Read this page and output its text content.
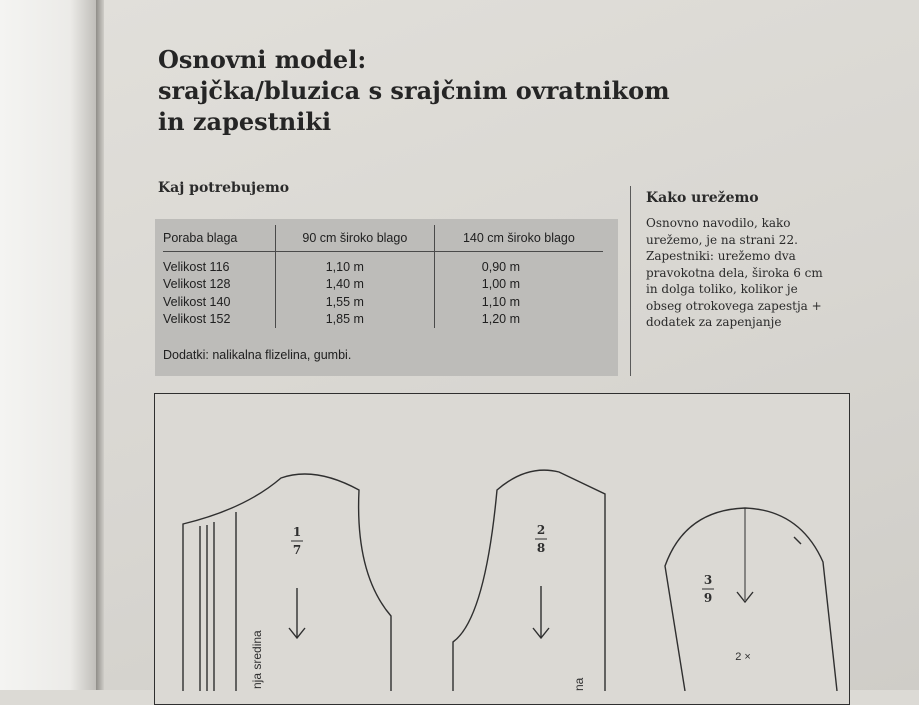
Osnovni model:
srajčka/bluzica s srajčnim ovratnikom
in zapestniki
Kaj potrebujemo
Poraba blaga	90 cm široko blago	140 cm široko blago
Velikost 116	1,10 m	0,90 m
Velikost 128	1,40 m	1,00 m
Velikost 140	1,55 m	1,10 m
Velikost 152	1,85 m	1,20 m
Dodatki: nalikalna flizelina, gumbi.
Kako urežemo

Osnovno navodilo, kako
urežemo, je na strani 22.
Zapestniki: urežemo dva
pravokotna dela, široka 6 cm
in dolga toliko, kolikor je
obseg otrokovega zapestja +
dodatek za zapenjanje

1
7
nja sredina
2
8
na
3
9
2 ×
